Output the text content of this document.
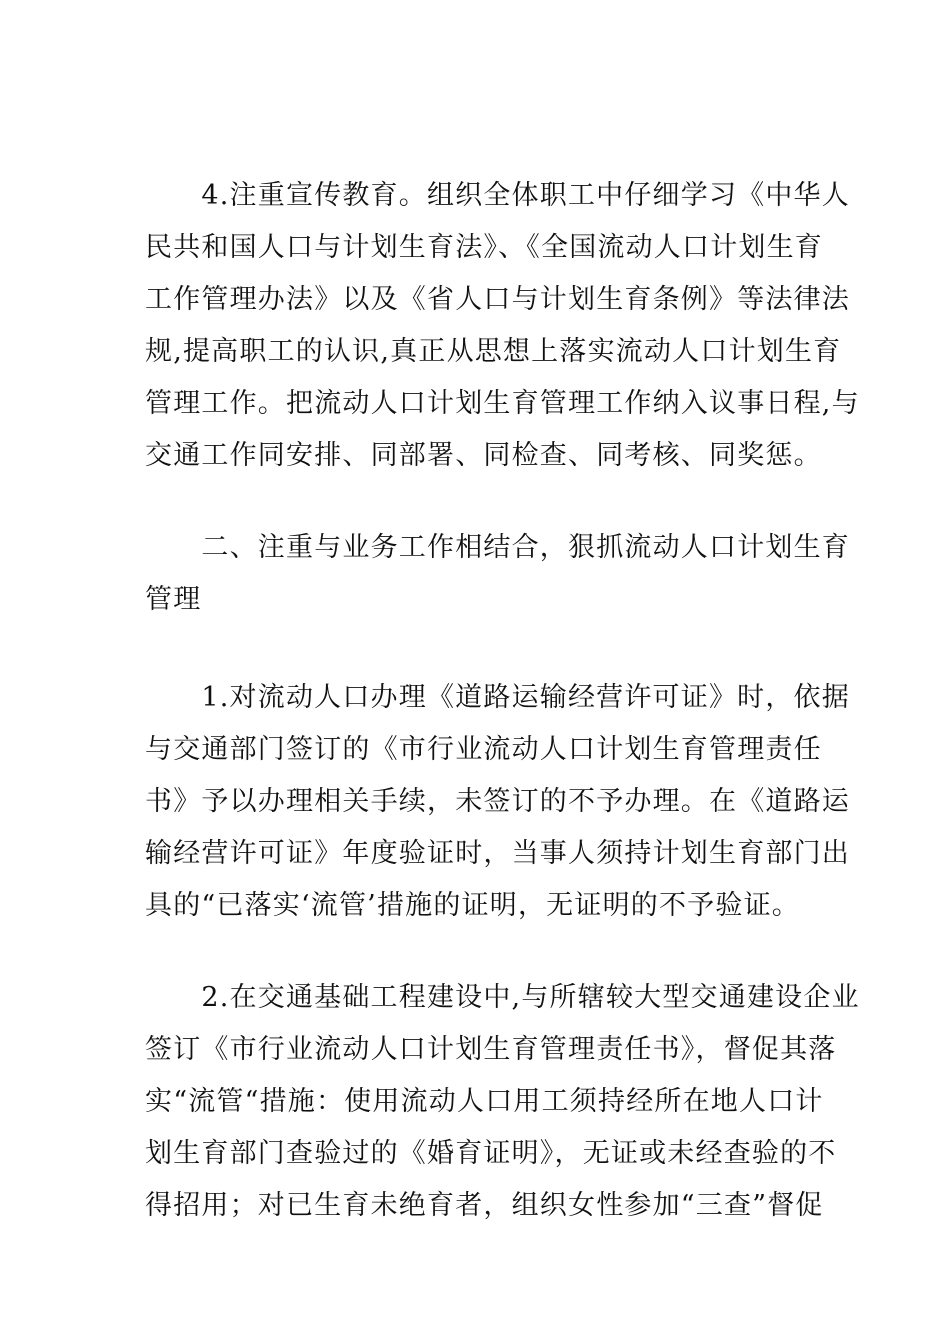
　　4.注重宣传教育。组织全体职工中仔细学习《中华人
民共和国人口与计划生育法》、《全国流动人口计划生育
工作管理办法》以及《省人口与计划生育条例》等法律法
规,提高职工的认识,真正从思想上落实流动人口计划生育
管理工作。把流动人口计划生育管理工作纳入议事日程,与
交通工作同安排、同部署、同检查、同考核、同奖惩。
　　二、注重与业务工作相结合，狠抓流动人口计划生育
管理
　　1.对流动人口办理《道路运输经营许可证》时，依据
与交通部门签订的《市行业流动人口计划生育管理责任
书》予以办理相关手续，未签订的不予办理。在《道路运
输经营许可证》年度验证时，当事人须持计划生育部门出
具的“已落实‘流管’措施的证明，无证明的不予验证。
　　2.在交通基础工程建设中,与所辖较大型交通建设企业
签订《市行业流动人口计划生育管理责任书》，督促其落
实“流管“措施：使用流动人口用工须持经所在地人口计
划生育部门查验过的《婚育证明》，无证或未经查验的不
得招用；对已生育未绝育者，组织女性参加“三查”督促
